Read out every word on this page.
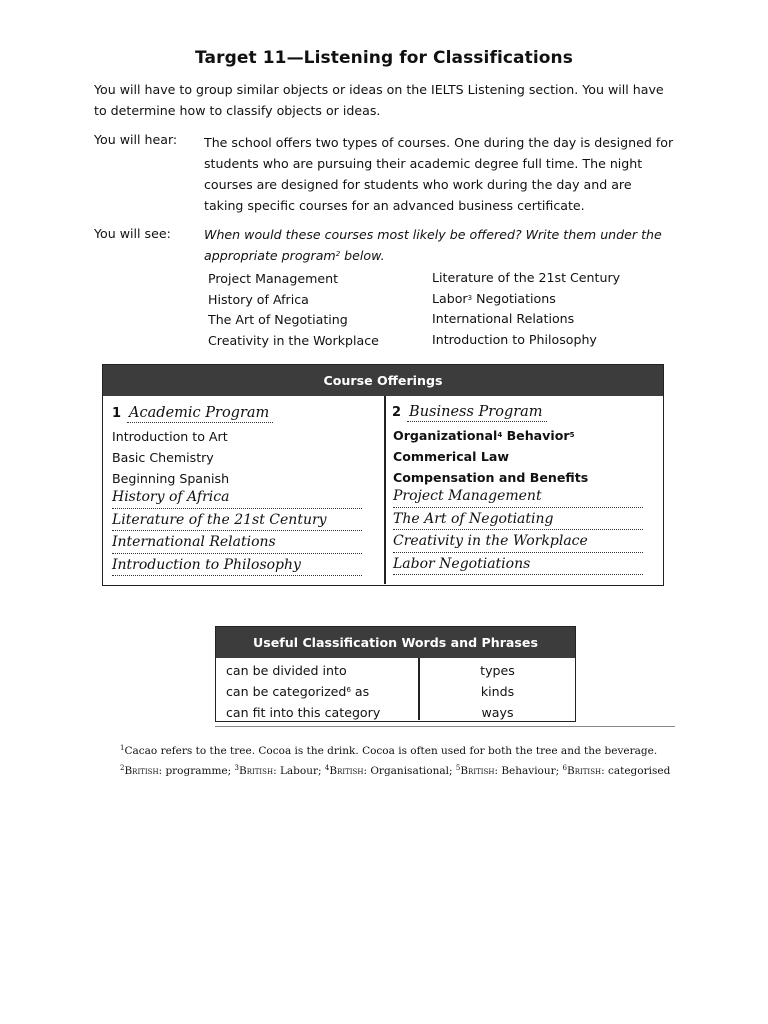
Target 11—Listening for Classifications
You will have to group similar objects or ideas on the IELTS Listening section. You will have to determine how to classify objects or ideas.
You will hear: The school offers two types of courses. One during the day is designed for students who are pursuing their academic degree full time. The night courses are designed for students who work during the day and are taking specific courses for an advanced business certificate.
You will see:	When would these courses most likely be offered? Write them under the appropriate program$^2$ below.
Project Management
History of Africa
The Art of Negotiating
Creativity in the Workplace
Literature of the 21st Century
Labor$^3$ Negotiations
International Relations
Introduction to Philosophy
Course Offerings
1 Academic Program
Introduction to Art
Basic Chemistry
Beginning Spanish
History of Africa
Literature of the 21st Century
International Relations
Introduction to Philosophy
2 Business Program
Organizational$^4$ Behavior$^5$
Commerical Law
Compensation and Benefits
Project Management
The Art of Negotiating
Creativity in the Workplace
Labor Negotiations
Useful Classification Words and Phrases
can be divided into
can be categorized$^6$ as
can fit into this category
types
kinds
ways
$^1$Cacao refers to the tree. Cocoa is the drink. Cocoa is often used for both the tree and the beverage.
$^2$British: programme; $^3$British: Labour; $^4$British: Organisational; $^5$British: Behaviour; $^6$British: categorised
